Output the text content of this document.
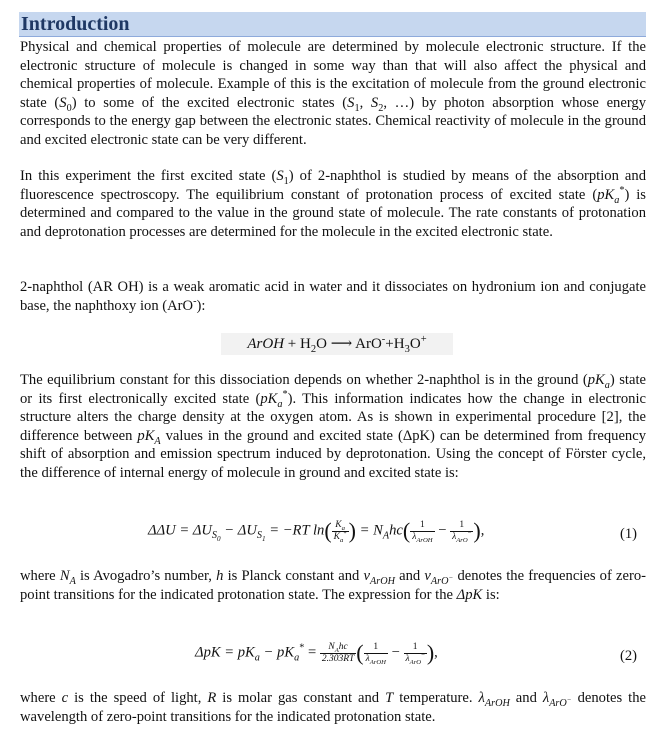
Introduction

Physical and chemical properties of molecule are determined by molecule electronic structure. If the electronic structure of molecule is changed in some way than that will also affect the physical and chemical properties of molecule. Example of this is the excitation of molecule from the ground electronic state $(S_0)$ to some of the excited electronic states ($S_1$, $S_2$, …) by photon absorption whose energy corresponds to the energy gap between the electronic states. Chemical reactivity of molecule in the ground and excited electronic state can be very different.

In this experiment the first excited state $(S_1)$ of 2-naphthol is studied by means of the absorption and fluorescence spectroscopy. The equilibrium constant of protonation process of excited state $(pK_a^*)$ is determined and compared to the value in the ground state of molecule. The rate constants of protonation and deprotonation processes are determined for the molecule in the excited electronic state.

2-naphthol (AR OH) is a weak aromatic acid in water and it dissociates on hydronium ion and conjugate base, the naphthoxy ion (ArO-):

ArOH + $H_2O$ ⟶ $ArO^-+H_3O^+$

The equilibrium constant for this dissociation depends on whether 2-naphthol is in the ground $(pK_a)$ state or its first electronically excited state $(pK_a^*)$. This information indicates how the change in electronic structure alters the charge density at the oxygen atom. As is shown in experimental procedure [2], the difference between $pK_A$ values in the ground and excited state (ΔpK) can be determined from frequency shift of absorption and emission spectrum induced by deprotonation. Using the concept of Förster cycle, the difference of internal energy of molecule in ground and excited state is:

$\Delta\Delta U = \Delta U_{S_0} - \Delta U_{S_1} = -RT$ $\ln( \frac{K_a}{K_a^*}$ ) = $N_Ahc( \frac{1}{\lambda_{ArOH}} - \frac{1}{\lambda_{ArO}^-}$ ),	(1)

where $N_A$ is Avogadro’s number, h is Planck constant and $\nu_{ArOH}$ and $\nu_{ArO^-}$ denotes the frequencies of zero-point transitions for the indicated protonation state. The expression for the ΔpK is:

$\Delta pK = pK_a - pK_a^* = \frac{N_Ahc}{2.303RT}$ ( $\frac{1}{\lambda_{ArOH}} - \frac{1}{\lambda_{ArO}^-}$ ),	(2)

where c is the speed of light, R is molar gas constant and T temperature. $\lambda_{ArOH}$ and $\lambda_{ArO^-}$ denotes the wavelength of zero-point transitions for the indicated protonation state.
